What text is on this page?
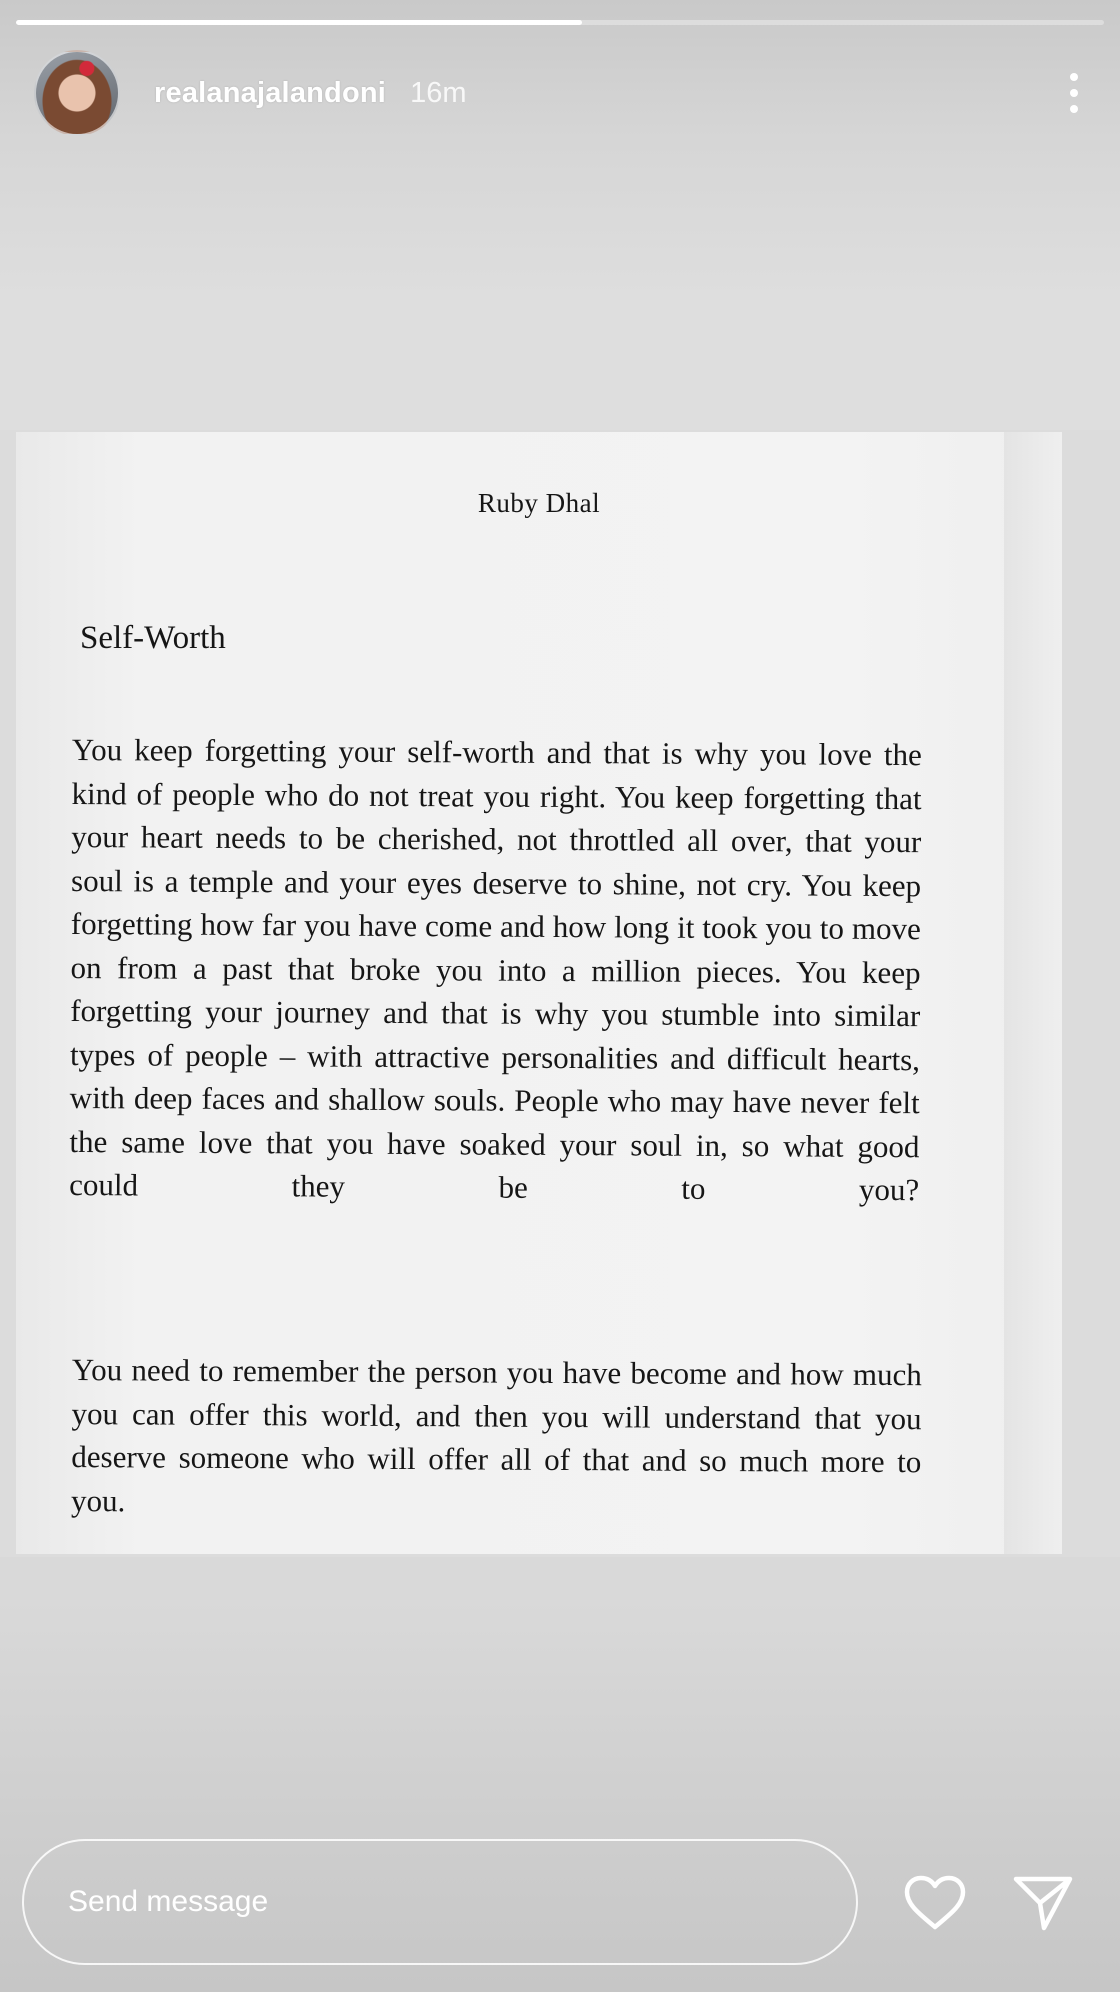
realanajalandoni 16m
Ruby Dhal
Self-Worth
You keep forgetting your self-worth and that is why you love the kind of people who do not treat you right. You keep forgetting that your heart needs to be cherished, not throttled all over, that your soul is a temple and your eyes deserve to shine, not cry. You keep forgetting how far you have come and how long it took you to move on from a past that broke you into a million pieces. You keep forgetting your journey and that is why you stumble into similar types of people – with attractive personalities and difficult hearts, with deep faces and shallow souls. People who may have never felt the same love that you have soaked your soul in, so what good could they be to you?
You need to remember the person you have become and how much you can offer this world, and then you will understand that you deserve someone who will offer all of that and so much more to you.
Send message
